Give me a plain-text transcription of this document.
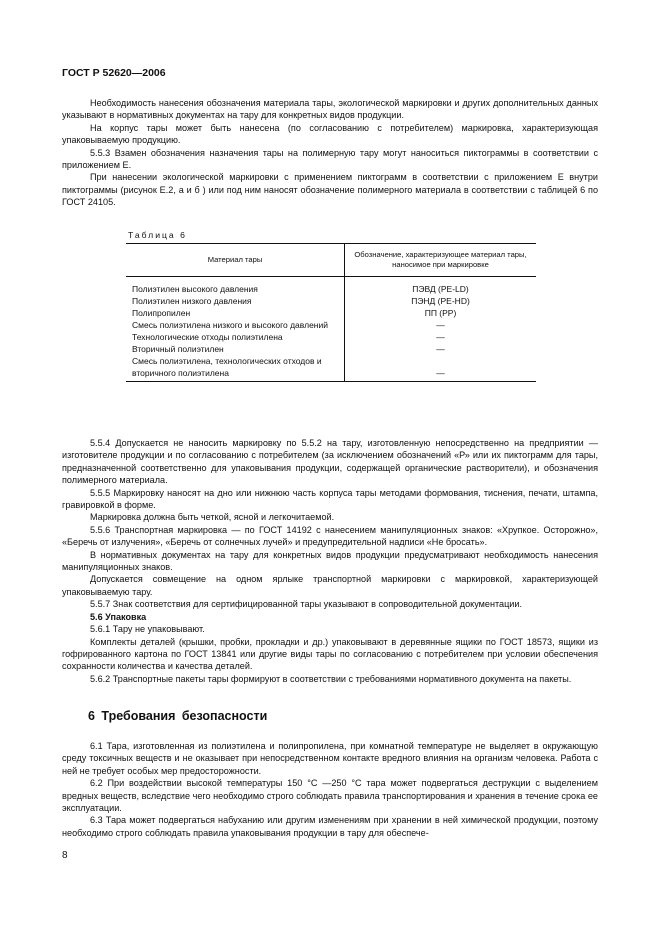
ГОСТ Р 52620—2006

Необходимость нанесения обозначения материала тары, экологической маркировки и других дополнительных данных указывают в нормативных документах на тару для конкретных видов продукции.

На корпус тары может быть нанесена (по согласованию с потребителем) маркировка, характеризующая упаковываемую продукцию.

5.5.3 Взамен обозначения назначения тары на полимерную тару могут наноситься пиктограммы в соответствии с приложением Е.

При нанесении экологической маркировки с применением пиктограмм в соответствии с приложением Е внутри пиктограммы (рисунок Е.2, а и б ) или под ним наносят обозначение полимерного материала в соответствии с таблицей 6 по ГОСТ 24105.

Таблица 6
Материал тары	Обозначение, характеризующее материал тары, наносимое при маркировке
Полиэтилен высокого давления	ПЭВД (PE-LD)
Полиэтилен низкого давления	ПЭНД (PE-HD)
Полипропилен	ПП (РР)
Смесь полиэтилена низкого и высокого давлений	—
Технологические отходы полиэтилена	—
Вторичный полиэтилен	—
Смесь полиэтилена, технологических отходов и вторичного полиэтилена	—

5.5.4 Допускается не наносить маркировку по 5.5.2 на тару, изготовленную непосредственно на предприятии — изготовителе продукции и по согласованию с потребителем (за исключением обозначений «Р» или их пиктограмм для тары, предназначенной соответственно для упаковывания продукции, содержащей органические растворители), и обозначения полимерного материала.

5.5.5 Маркировку наносят на дно или нижнюю часть корпуса тары методами формования, тиснения, печати, штампа, гравировкой в форме.

Маркировка должна быть четкой, ясной и легкочитаемой.

5.5.6 Транспортная маркировка — по ГОСТ 14192 с нанесением манипуляционных знаков: «Хрупкое. Осторожно», «Беречь от излучения», «Беречь от солнечных лучей» и предупредительной надписи «Не бросать».

В нормативных документах на тару для конкретных видов продукции предусматривают необходимость нанесения манипуляционных знаков.

Допускается совмещение на одном ярлыке транспортной маркировки с маркировкой, характеризующей упаковываемую тару.

5.5.7 Знак соответствия для сертифицированной тары указывают в сопроводительной документации.

5.6 Упаковка

5.6.1 Тару не упаковывают.

Комплекты деталей (крышки, пробки, прокладки и др.) упаковывают в деревянные ящики по ГОСТ 18573, ящики из гофрированного картона по ГОСТ 13841 или другие виды тары по согласованию с потребителем при условии обеспечения сохранности количества и качества деталей.

5.6.2 Транспортные пакеты тары формируют в соответствии с требованиями нормативного документа на пакеты.

6 Требования безопасности

6.1 Тара, изготовленная из полиэтилена и полипропилена, при комнатной температуре не выделяет в окружающую среду токсичных веществ и не оказывает при непосредственном контакте вредного влияния на организм человека. Работа с ней не требует особых мер предосторожности.

6.2 При воздействии высокой температуры 150 °С —250 °С тара может подвергаться деструкции с выделением вредных веществ, вследствие чего необходимо строго соблюдать правила транспортирования и хранения в течение срока ее эксплуатации.

6.3 Тара может подвергаться набуханию или другим изменениям при хранении в ней химической продукции, поэтому необходимо строго соблюдать правила упаковывания продукции в тару для обеспече-

8
